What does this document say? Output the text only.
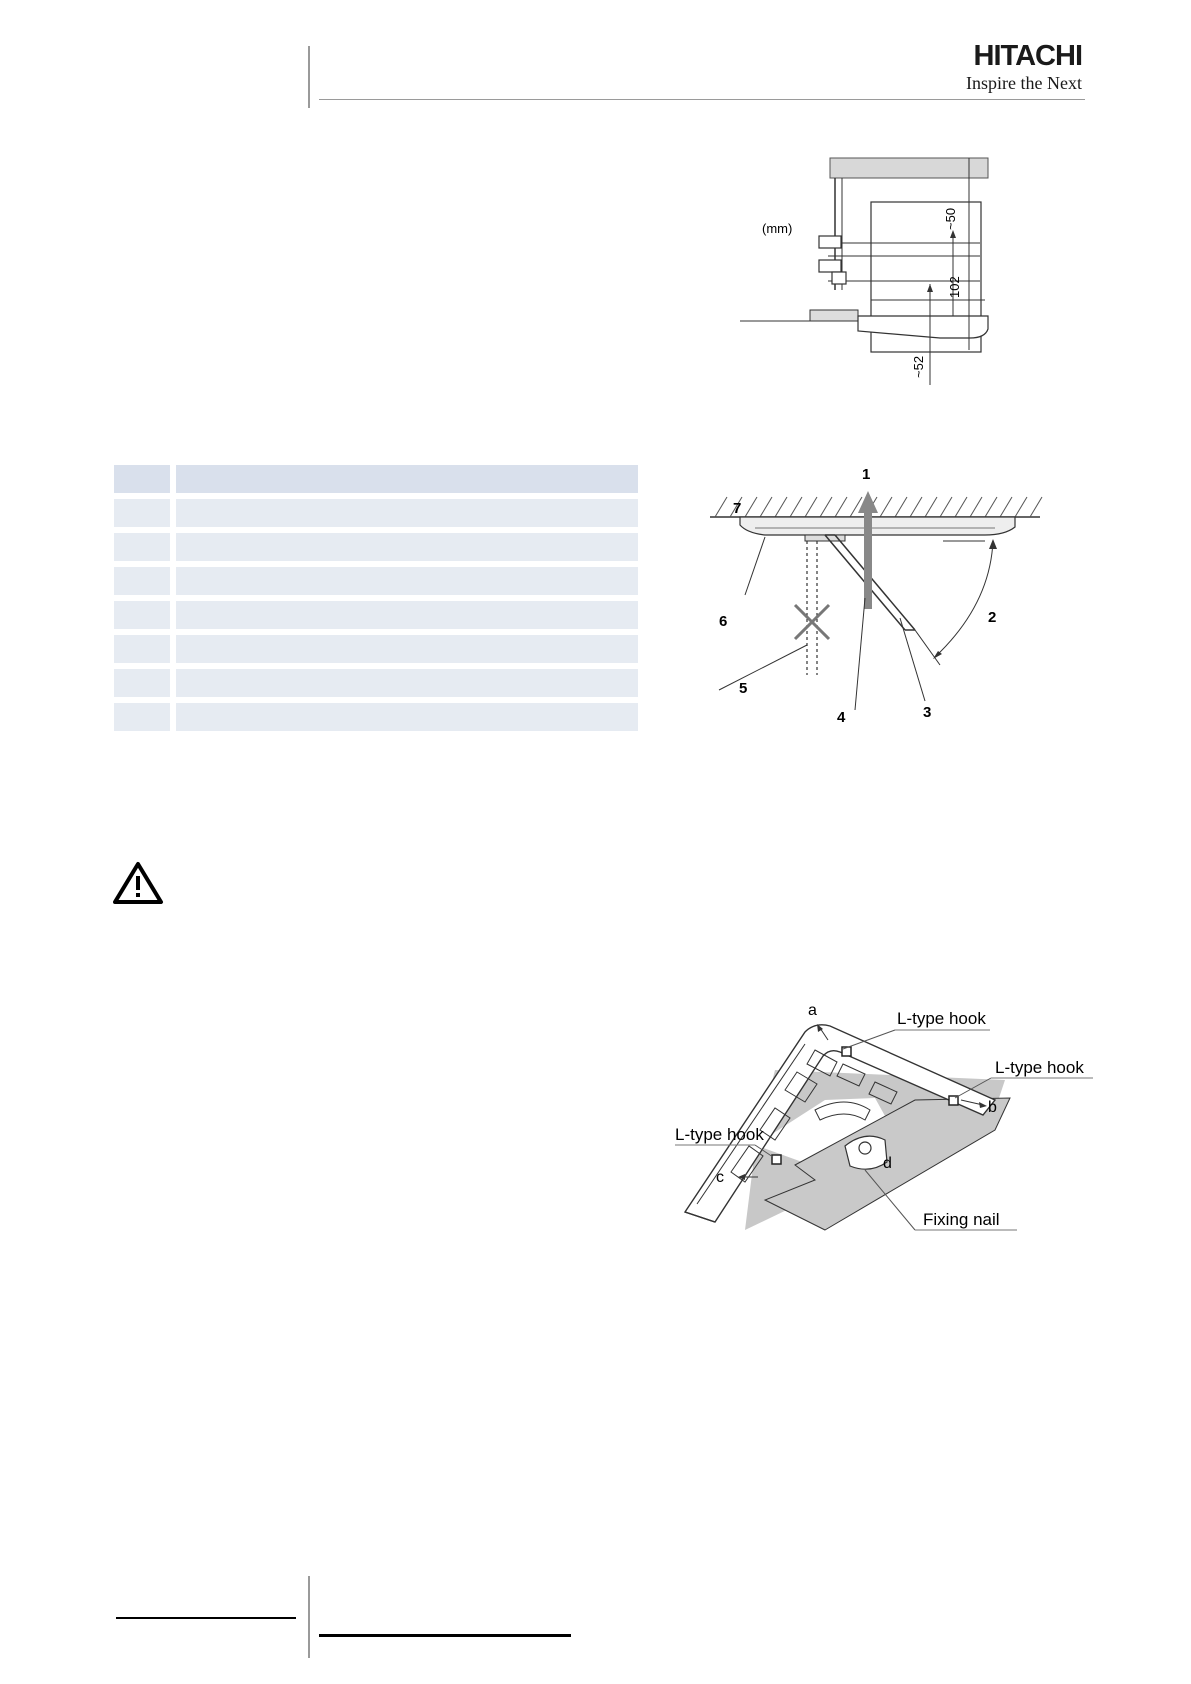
HITACHI
Inspire the Next
(mm)	~50
102
~52

1
2
3
4
5
6
7
a	L-type hook
L-type hook
b
L-type hook
c
d
Fixing nail
